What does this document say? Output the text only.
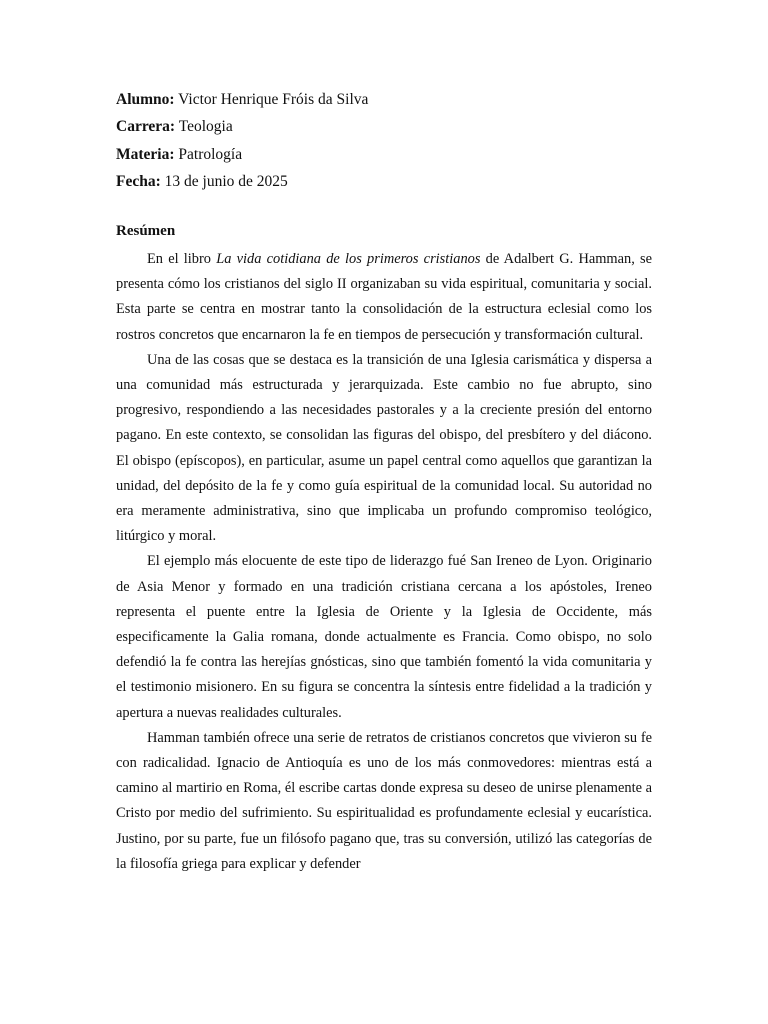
Alumno: Victor Henrique Fróis da Silva

Carrera: Teologia

Materia: Patrología

Fecha: 13 de junio de 2025

Resúmen

En el libro La vida cotidiana de los primeros cristianos de Adalbert G. Hamman, se presenta cómo los cristianos del siglo II organizaban su vida espiritual, comunitaria y social. Esta parte se centra en mostrar tanto la consolidación de la estructura eclesial como los rostros concretos que encarnaron la fe en tiempos de persecución y transformación cultural.

Una de las cosas que se destaca es la transición de una Iglesia carismática y dispersa a una comunidad más estructurada y jerarquizada. Este cambio no fue abrupto, sino progresivo, respondiendo a las necesidades pastorales y a la creciente presión del entorno pagano. En este contexto, se consolidan las figuras del obispo, del presbítero y del diácono. El obispo (epíscopos), en particular, asume un papel central como aquellos que garantizan la unidad, del depósito de la fe y como guía espiritual de la comunidad local. Su autoridad no era meramente administrativa, sino que implicaba un profundo compromiso teológico, litúrgico y moral.

El ejemplo más elocuente de este tipo de liderazgo fué San Ireneo de Lyon. Originario de Asia Menor y formado en una tradición cristiana cercana a los apóstoles, Ireneo representa el puente entre la Iglesia de Oriente y la Iglesia de Occidente, más especificamente la Galia romana, donde actualmente es Francia. Como obispo, no solo defendió la fe contra las herejías gnósticas, sino que también fomentó la vida comunitaria y el testimonio misionero. En su figura se concentra la síntesis entre fidelidad a la tradición y apertura a nuevas realidades culturales.

Hamman también ofrece una serie de retratos de cristianos concretos que vivieron su fe con radicalidad. Ignacio de Antioquía es uno de los más conmovedores: mientras está a camino al martirio en Roma, él escribe cartas donde expresa su deseo de unirse plenamente a Cristo por medio del sufrimiento. Su espiritualidad es profundamente eclesial y eucarística. Justino, por su parte, fue un filósofo pagano que, tras su conversión, utilizó las categorías de la filosofía griega para explicar y defender
